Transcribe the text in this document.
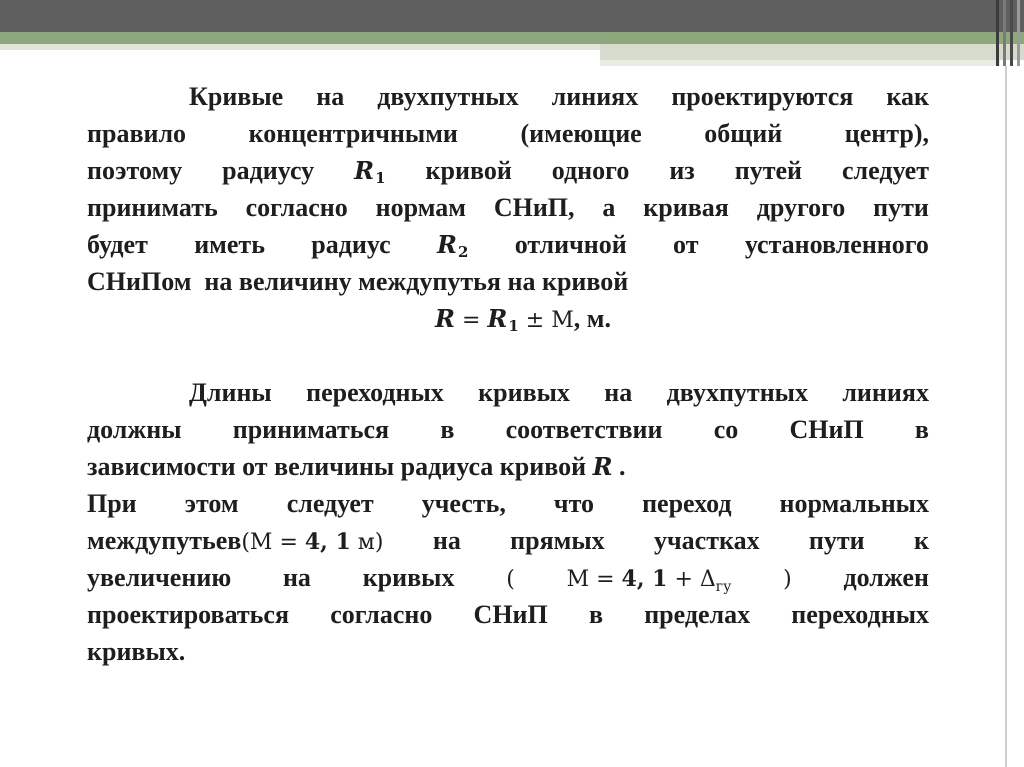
Кривые на двухпутных линиях проектируются как
правило концентричными (имеющие общий центр),
поэтому радиусу $R_1$ кривой одного из путей следует
принимать согласно нормам СНиП, а кривая другого пути
будет иметь радиус $R_2$ отличной от установленного
СНиПом  на величину междупутья на кривой
$R = R_1 \pm М$ , м.
Длины переходных кривых на двухпутных линиях
должны приниматься в соответствии со СНиП в
зависимости от величины радиуса кривой R .
При этом следует учесть, что переход нормальных
междупутьев(М = 4, 1 м) на прямых участках пути к
увеличению на кривых ( М = 4, $1 + \Delta_{гу}$ ) должен
проектироваться согласно СНиП в пределах переходных
кривых.
